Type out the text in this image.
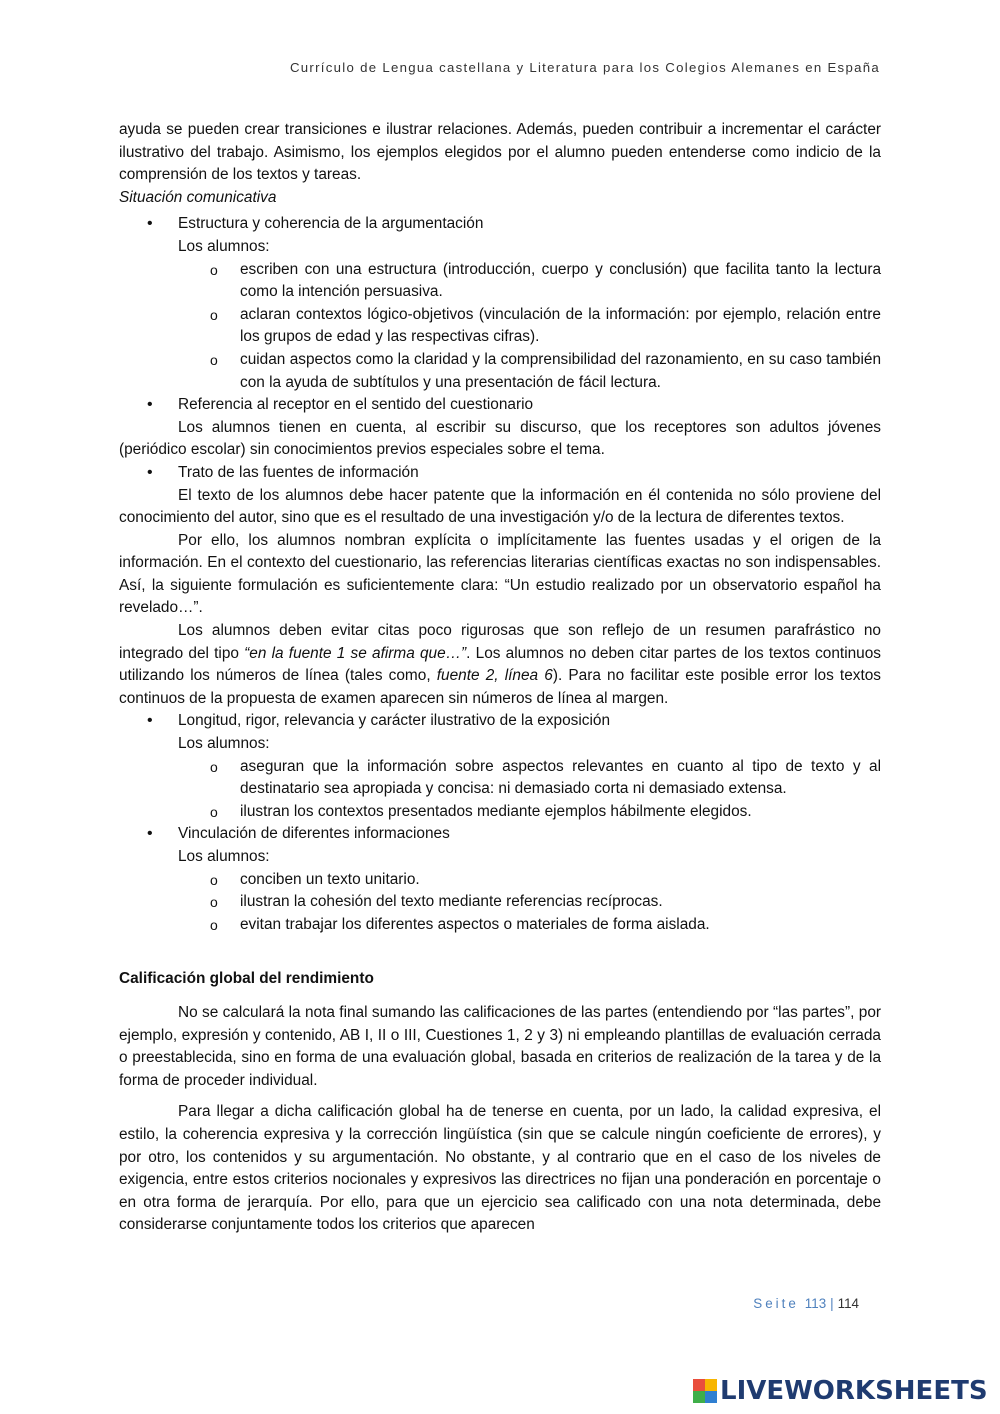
Currículo de Lengua castellana y Literatura para los Colegios Alemanes en España

ayuda se pueden crear transiciones e ilustrar relaciones. Además, pueden contribuir a incrementar el carácter ilustrativo del trabajo. Asimismo, los ejemplos elegidos por el alumno pueden entenderse como indicio de la comprensión de los textos y tareas.

Situación comunicativa

• Estructura y coherencia de la argumentación
Los alumnos:
o escriben con una estructura (introducción, cuerpo y conclusión) que facilita tanto la lectura como la intención persuasiva.
o aclaran contextos lógico-objetivos (vinculación de la información: por ejemplo, relación entre los grupos de edad y las respectivas cifras).
o cuidan aspectos como la claridad y la comprensibilidad del razonamiento, en su caso también con la ayuda de subtítulos y una presentación de fácil lectura.
• Referencia al receptor en el sentido del cuestionario

Los alumnos tienen en cuenta, al escribir su discurso, que los receptores son adultos jóvenes (periódico escolar) sin conocimientos previos especiales sobre el tema.

• Trato de las fuentes de información

El texto de los alumnos debe hacer patente que la información en él contenida no sólo proviene del conocimiento del autor, sino que es el resultado de una investigación y/o de la lectura de diferentes textos.

Por ello, los alumnos nombran explícita o implícitamente las fuentes usadas y el origen de la información. En el contexto del cuestionario, las referencias literarias científicas exactas no son indispensables. Así, la siguiente formulación es suficientemente clara: “Un estudio realizado por un observatorio español ha revelado…”.

Los alumnos deben evitar citas poco rigurosas que son reflejo de un resumen parafrástico no integrado del tipo “en la fuente 1 se afirma que…”. Los alumnos no deben citar partes de los textos continuos utilizando los números de línea (tales como, fuente 2, línea 6). Para no facilitar este posible error los textos continuos de la propuesta de examen aparecen sin números de línea al margen.

• Longitud, rigor, relevancia y carácter ilustrativo de la exposición
Los alumnos:
o aseguran que la información sobre aspectos relevantes en cuanto al tipo de texto y al destinatario sea apropiada y concisa: ni demasiado corta ni demasiado extensa.
o ilustran los contextos presentados mediante ejemplos hábilmente elegidos.
• Vinculación de diferentes informaciones
Los alumnos:
o conciben un texto unitario.
o ilustran la cohesión del texto mediante referencias recíprocas.
o evitan trabajar los diferentes aspectos o materiales de forma aislada.

Calificación global del rendimiento

No se calculará la nota final sumando las calificaciones de las partes (entendiendo por “las partes”, por ejemplo, expresión y contenido, AB I, II o III, Cuestiones 1, 2 y 3) ni empleando plantillas de evaluación cerrada o preestablecida, sino en forma de una evaluación global, basada en criterios de realización de la tarea y de la forma de proceder individual.

Para llegar a dicha calificación global ha de tenerse en cuenta, por un lado, la calidad expresiva, el estilo, la coherencia expresiva y la corrección lingüística (sin que se calcule ningún coeficiente de errores), y por otro, los contenidos y su argumentación. No obstante, y al contrario que en el caso de los niveles de exigencia, entre estos criterios nocionales y expresivos las directrices no fijan una ponderación en porcentaje o en otra forma de jerarquía. Por ello, para que un ejercicio sea calificado con una nota determinada, debe considerarse conjuntamente todos los criterios que aparecen

Seite 113 | 114
LIVEWORKSHEETS
